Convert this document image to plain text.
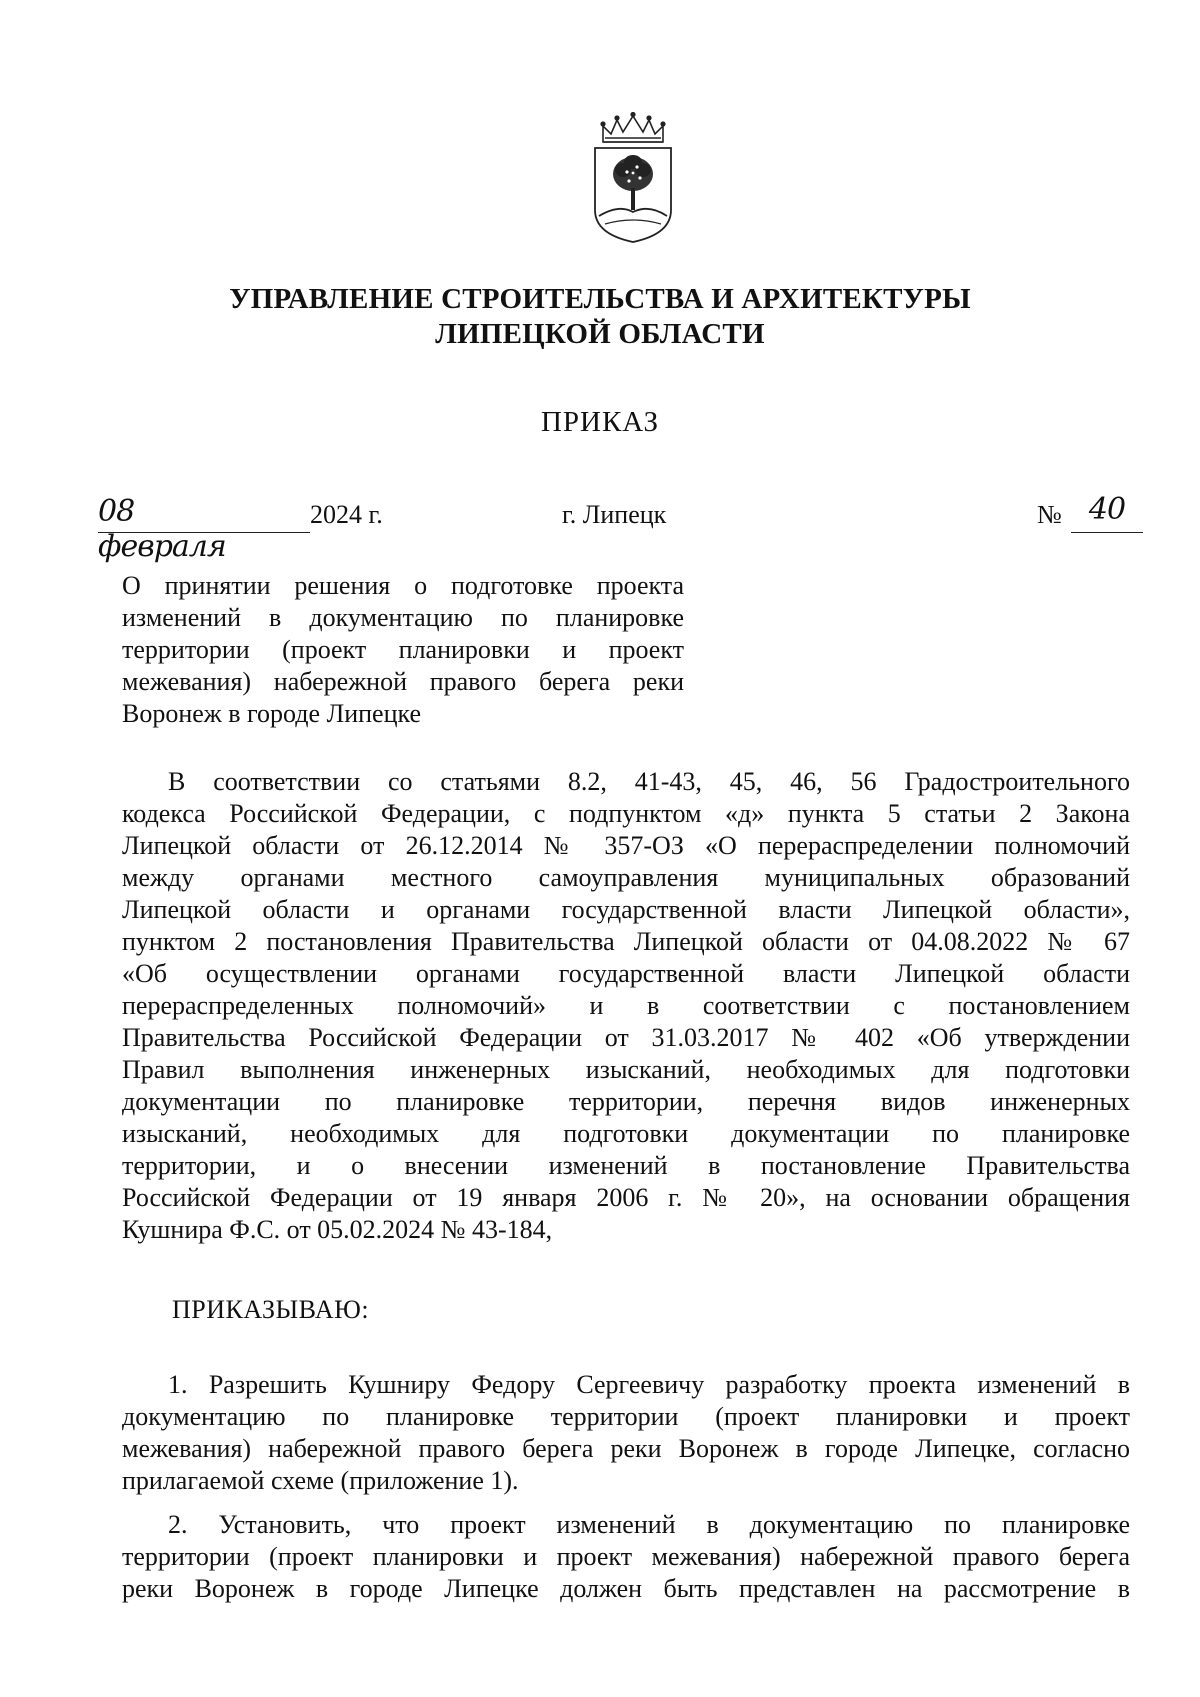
УПРАВЛЕНИЕ СТРОИТЕЛЬСТВА И АРХИТЕКТУРЫ
ЛИПЕЦКОЙ ОБЛАСТИ
ПРИКАЗ
08 февраля
2024 г.	г. Липецк	№ 40
О принятии решения о подготовке проекта
изменений в документацию по планировке
территории (проект планировки и проект
межевания) набережной правого берега реки
Воронеж в городе Липецке
В соответствии со статьями 8.2, 41-43, 45, 46, 56 Градостроительного
кодекса Российской Федерации, с подпунктом «д» пункта 5 статьи 2 Закона
Липецкой области от 26.12.2014 № 357-ОЗ «О перераспределении полномочий
между органами местного самоуправления муниципальных образований
Липецкой области и органами государственной власти Липецкой области»,
пунктом 2 постановления Правительства Липецкой области от 04.08.2022 № 67
«Об осуществлении органами государственной власти Липецкой области
перераспределенных полномочий» и в соответствии с постановлением
Правительства Российской Федерации от 31.03.2017 № 402 «Об утверждении
Правил выполнения инженерных изысканий, необходимых для подготовки
документации по планировке территории, перечня видов инженерных
изысканий, необходимых для подготовки документации по планировке
территории, и о внесении изменений в постановление Правительства
Российской Федерации от 19 января 2006 г. № 20», на основании обращения
Кушнира Ф.С. от 05.02.2024 № 43-184,
ПРИКАЗЫВАЮ:
1. Разрешить Кушниру Федору Сергеевичу разработку проекта изменений в
документацию по планировке территории (проект планировки и проект
межевания) набережной правого берега реки Воронеж в городе Липецке, согласно
прилагаемой схеме (приложение 1).
2. Установить, что проект изменений в документацию по планировке
территории (проект планировки и проект межевания) набережной правого берега
реки Воронеж в городе Липецке должен быть представлен на рассмотрение в
